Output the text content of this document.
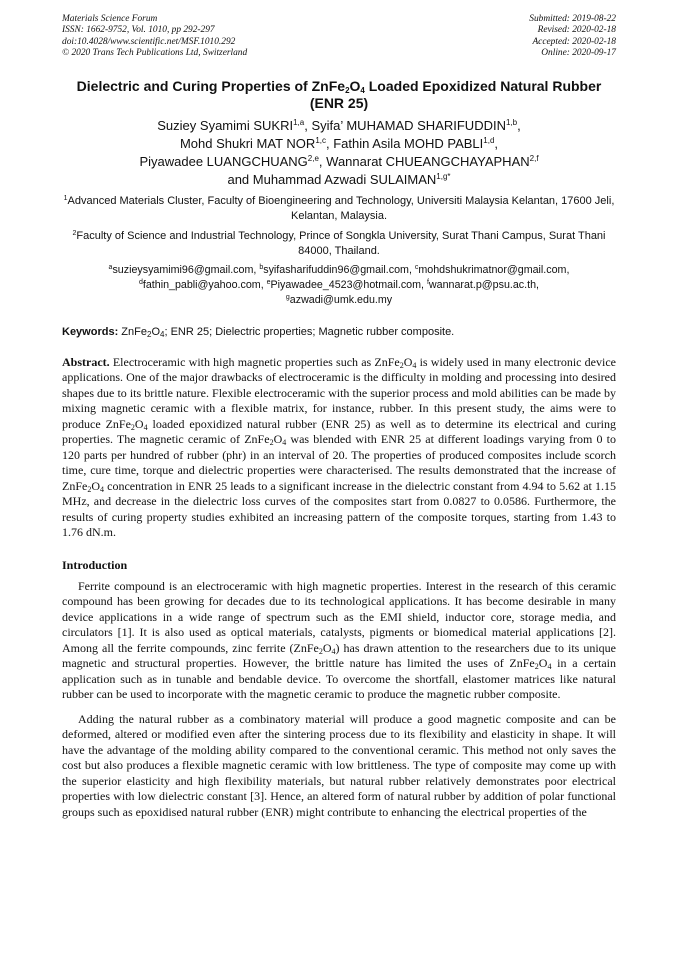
Materials Science Forum
ISSN: 1662-9752, Vol. 1010, pp 292-297
doi:10.4028/www.scientific.net/MSF.1010.292
© 2020 Trans Tech Publications Ltd, Switzerland
Submitted: 2019-08-22
Revised: 2020-02-18
Accepted: 2020-02-18
Online: 2020-09-17
Dielectric and Curing Properties of $ZnFe_2O_4$ Loaded Epoxidized Natural Rubber (ENR 25)
Suziey Syamimi SUKRI$^{1,a}$, Syifa’ MUHAMAD SHARIFUDDIN$^{1,b}$,
Mohd Shukri MAT NOR$^{1,c}$, Fathin Asila MOHD PABLI$^{1,d}$,
Piyawadee LUANGCHUANG$^{2,e}$, Wannarat CHUEANGCHAYAPHAN$^{2,f}$
and Muhammad Azwadi $SULAIMAN^{1,g*}$
$^1$Advanced Materials Cluster, Faculty of Bioengineering and Technology, Universiti Malaysia Kelantan, 17600 Jeli, Kelantan, Malaysia.
$^2$Faculty of Science and Industrial Technology, Prince of Songkla University, Surat Thani Campus, Surat Thani 84000, Thailand.
$^a$suzieysyamimi96@gmail.com, $^b$syifasharifuddin96@gmail.com, $^c$mohdshukrimatnor@gmail.com,
$^d$fathin_pabli@yahoo.com, $^e$Piyawadee_4523@hotmail.com, $^f$wannarat.p@psu.ac.th,
$^g$azwadi@umk.edu.my
Keywords: $ZnFe_2O_4$; ENR 25; Dielectric properties; Magnetic rubber composite.
Abstract. Electroceramic with high magnetic properties such as $ZnFe_2O_4$ is widely used in many electronic device applications. One of the major drawbacks of electroceramic is the difficulty in molding and processing into desired shapes due to its brittle nature. Flexible electroceramic with the superior process and mold abilities can be made by mixing magnetic ceramic with a flexible matrix, for instance, rubber. In this present study, the aims were to produce $ZnFe_2O_4$ loaded epoxidized natural rubber (ENR 25) as well as to determine its electrical and curing properties. The magnetic ceramic of $ZnFe_2O_4$ was blended with ENR 25 at different loadings varying from 0 to 120 parts per hundred of rubber (phr) in an interval of 20. The properties of produced composites include scorch time, cure time, torque and dielectric properties were characterised. The results demonstrated that the increase of $ZnFe_2O_4$ concentration in ENR 25 leads to a significant increase in the dielectric constant from 4.94 to 5.62 at 1.15 MHz, and decrease in the dielectric loss curves of the composites start from 0.0827 to 0.0586. Furthermore, the results of curing property studies exhibited an increasing pattern of the composite torques, starting from 1.43 to 1.76 dN.m.
Introduction
Ferrite compound is an electroceramic with high magnetic properties. Interest in the research of this ceramic compound has been growing for decades due to its technological applications. It has become desirable in many device applications in a wide range of spectrum such as the EMI shield, inductor core, storage media, and circulators [1]. It is also used as optical materials, catalysts, pigments or biomedical material applications [2]. Among all the ferrite compounds, zinc ferrite $(ZnFe_2O_4)$ has drawn attention to the researchers due to its unique magnetic and structural properties. However, the brittle nature has limited the uses of $ZnFe_2O_4$ in a certain application such as in tunable and bendable device. To overcome the shortfall, elastomer matrices like natural rubber can be used to incorporate with the magnetic ceramic to produce the magnetic rubber composite.
Adding the natural rubber as a combinatory material will produce a good magnetic composite and can be deformed, altered or modified even after the sintering process due to its flexibility and elasticity in shape. It will have the advantage of the molding ability compared to the conventional ceramic. This method not only saves the cost but also produces a flexible magnetic ceramic with low brittleness. The type of composite may come up with the superior elasticity and high flexibility materials, but natural rubber relatively demonstrates poor electrical properties with low dielectric constant [3]. Hence, an altered form of natural rubber by addition of polar functional groups such as epoxidised natural rubber (ENR) might contribute to enhancing the electrical properties of the
